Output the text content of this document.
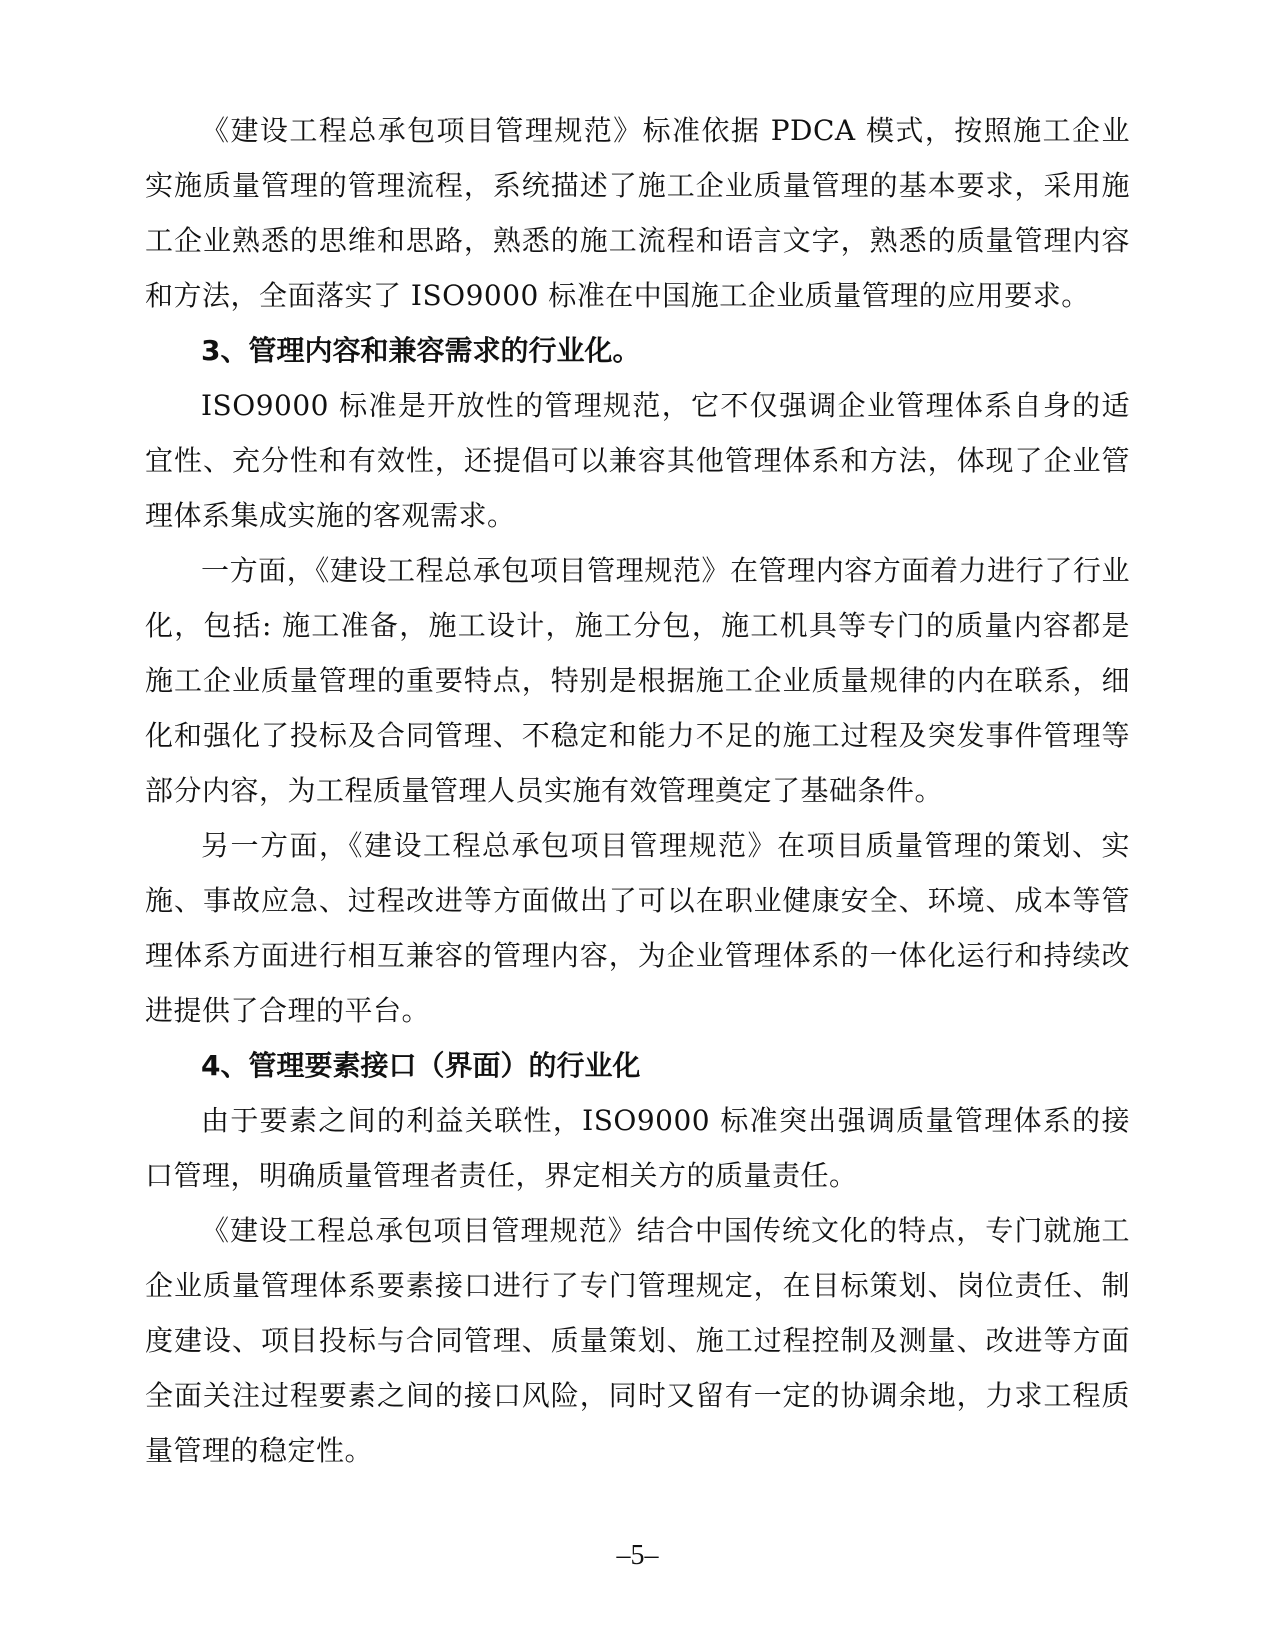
《建设工程总承包项目管理规范》标准依据 PDCA 模式，按照施工企业实施质量管理的管理流程，系统描述了施工企业质量管理的基本要求，采用施工企业熟悉的思维和思路，熟悉的施工流程和语言文字，熟悉的质量管理内容和方法，全面落实了 ISO9000 标准在中国施工企业质量管理的应用要求。

3、管理内容和兼容需求的行业化。

ISO9000 标准是开放性的管理规范，它不仅强调企业管理体系自身的适宜性、充分性和有效性，还提倡可以兼容其他管理体系和方法，体现了企业管理体系集成实施的客观需求。

一方面，《建设工程总承包项目管理规范》在管理内容方面着力进行了行业化，包括: 施工准备，施工设计，施工分包，施工机具等专门的质量内容都是施工企业质量管理的重要特点，特别是根据施工企业质量规律的内在联系，细化和强化了投标及合同管理、不稳定和能力不足的施工过程及突发事件管理等部分内容，为工程质量管理人员实施有效管理奠定了基础条件。

另一方面，《建设工程总承包项目管理规范》在项目质量管理的策划、实施、事故应急、过程改进等方面做出了可以在职业健康安全、环境、成本等管理体系方面进行相互兼容的管理内容，为企业管理体系的一体化运行和持续改进提供了合理的平台。

4、管理要素接口（界面）的行业化

由于要素之间的利益关联性，ISO9000 标准突出强调质量管理体系的接口管理，明确质量管理者责任，界定相关方的质量责任。

《建设工程总承包项目管理规范》结合中国传统文化的特点，专门就施工企业质量管理体系要素接口进行了专门管理规定，在目标策划、岗位责任、制度建设、项目投标与合同管理、质量策划、施工过程控制及测量、改进等方面全面关注过程要素之间的接口风险，同时又留有一定的协调余地，力求工程质量管理的稳定性。

–5–
